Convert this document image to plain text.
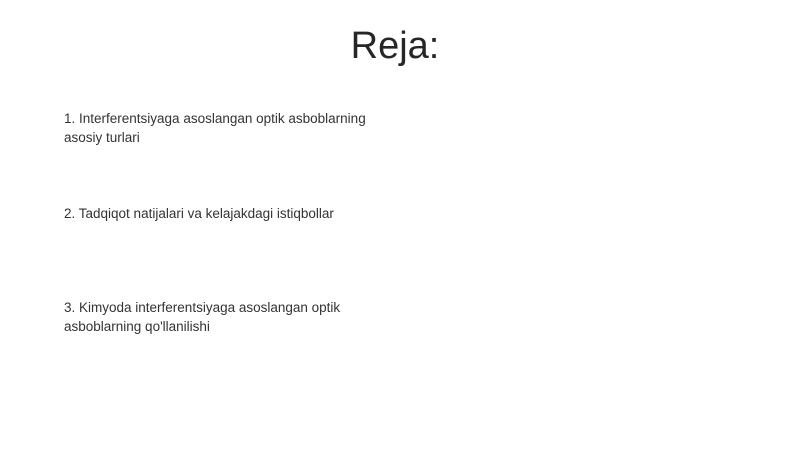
Reja:
1. Interferentsiyaga asoslangan optik asboblarning asosiy turlari
2. Tadqiqot natijalari va kelajakdagi istiqbollar
3. Kimyoda interferentsiyaga asoslangan optik asboblarning qo'llanilishi
